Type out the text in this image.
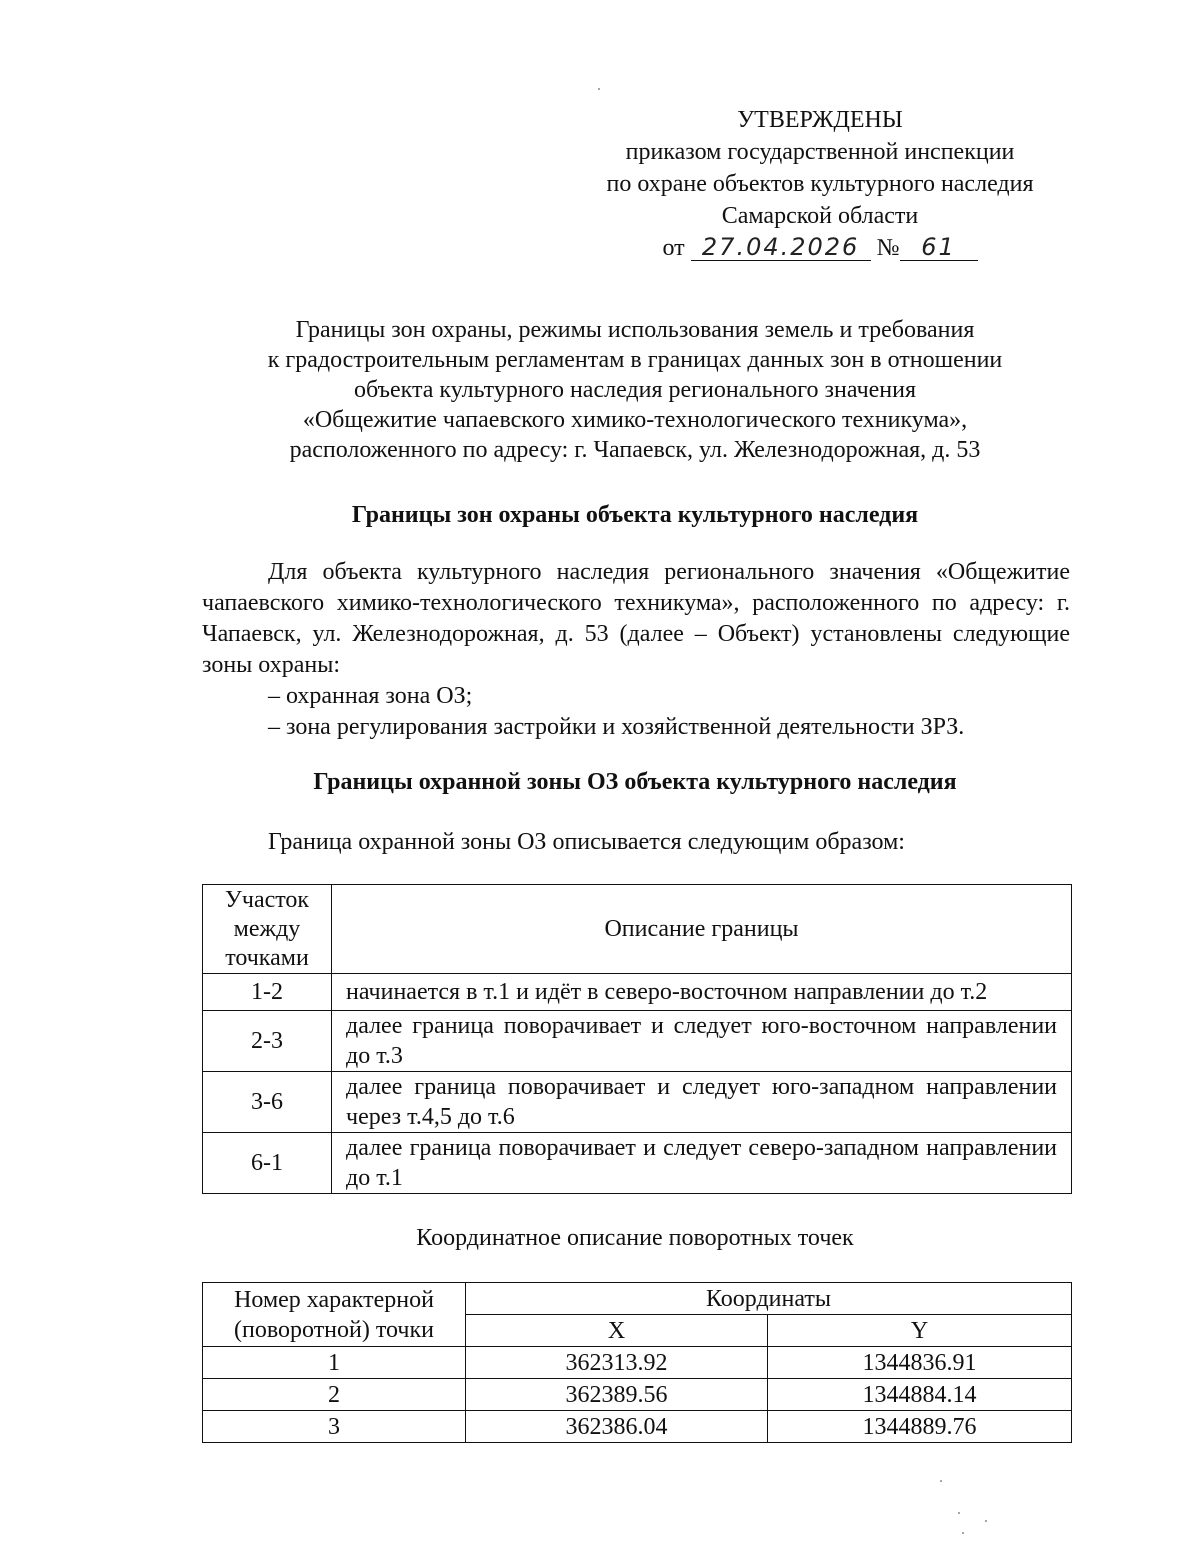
УТВЕРЖДЕНЫ
приказом государственной инспекции
по охране объектов культурного наследия
Самарской области
от 27.04.2026 № 61
Границы зон охраны, режимы использования земель и требования
к градостроительным регламентам в границах данных зон в отношении
объекта культурного наследия регионального значения
«Общежитие чапаевского химико-технологического техникума»,
расположенного по адресу: г. Чапаевск, ул. Железнодорожная, д. 53
Границы зон охраны объекта культурного наследия

Для объекта культурного наследия регионального значения «Общежитие чапаевского химико-технологического техникума», расположенного по адресу: г. Чапаевск, ул. Железнодорожная, д. 53 (далее – Объект) установлены следующие зоны охраны:

– охранная зона ОЗ;
– зона регулирования застройки и хозяйственной деятельности ЗРЗ.
Границы охранной зоны ОЗ объекта культурного наследия
Граница охранной зоны ОЗ описывается следующим образом:
Участок
между
точками	Описание границы
1-2	начинается в т.1 и идёт в северо-восточном направлении до т.2
2-3	далее граница поворачивает и следует юго-восточном направлении до т.3
3-6	далее граница поворачивает и следует юго-западном направлении через т.4,5 до т.6
6-1	далее граница поворачивает и следует северо-западном направлении до т.1
Координатное описание поворотных точек
Номер характерной (поворотной) точки	Координаты	
	X	Y
1	362313.92	1344836.91
2	362389.56	1344884.14
3	362386.04	1344889.76
